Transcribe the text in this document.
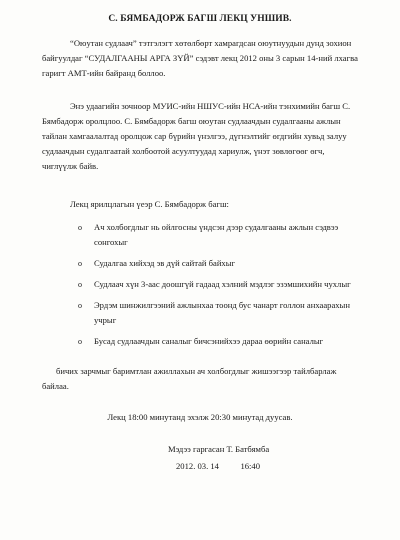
С. БЯМБАДОРЖ БАГШ ЛЕКЦ УНШИВ.

“Оюутан судлаач” тэтгэлэгт хөтөлбөрт хамрагдсан оюутнуудын дунд зохион байгуулдаг “СУДАЛГААНЫ АРГА ЗҮЙ” сэдэвт лекц 2012 оны 3 сарын 14-ний лхагва гаригт АМТ-ийн байранд боллоо.

Энэ удаагийн зочноор МУИС-ийн НШУС-ийн НСА-ийн тэнхимийн багш С. Бямбадорж оролцлоо. С. Бямбадорж багш оюутан судлаачдын судалгааны ажлын тайлан хамгаалалтад оролцож сар бүрийн үнэлгээ, дүгнэлтийг өгдгийн хувьд залуу судлаачдын судалгаатай холбоотой асуултуудад хариулж, үнэт зөвлөгөөг өгч, чиглүүлж байв.

Лекц ярилцлагын үеэр С. Бямбадорж багш:

o Ач холбогдлыг нь ойлгосны үндсэн дээр судалгааны ажлын сэдвээ сонгохыг
o Судалгаа хийхэд эв дүй сайтай байхыг
o Судлаач хүн 3-аас доошгүй гадаад хэлний мэдлэг эзэмшихийн чухлыг
o Эрдэм шинжилгээний ажлынхаа тоонд бус чанарт голлон анхаарахын учрыг
o Бусад судлаачдын саналыг бичсэнийхээ дараа өөрийн саналыг

бичих зарчмыг баримтлан ажиллахын ач холбогдлыг жишээгээр тайлбарлаж байлаа.

Лекц 18:00 минутанд эхэлж 20:30 минутад дуусав.
Мэдээ гаргасан Т. Батбямба
2012. 03. 14          16:40
